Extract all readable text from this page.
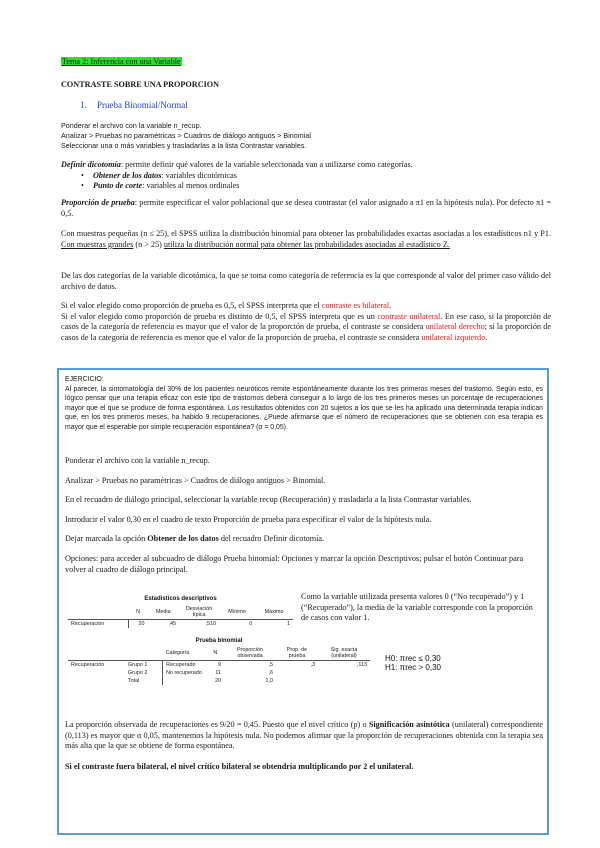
Tema 2: Inferencia con una Variable
CONTRASTE SOBRE UNA PROPORCION
1. Prueba Binomial/Normal
Ponderar el archivo con la variable n_recup.
Analizar > Pruebas no paramétricas > Cuadros de diálogo antiguos > Binomial
Seleccionar una o más variables y trasladarlas a la lista Contrastar variables.
Definir dicotomía: permite definir qué valores de la variable seleccionada van a utilizarse como categorías.
• Obtener de los datos: variables dicotómicas
• Punto de corte: variables al menos ordinales
Proporción de prueba: permite especificar el valor poblacional que se desea contrastar (el valor asignado a π1 en la hipótesis nula). Por defecto π1 = 0,5.
Con muestras pequeñas (n ≤ 25), el SPSS utiliza la distribución binomial para obtener las probabilidades exactas asociadas a los estadísticos n1 y P1. Con muestras grandes (n > 25) utiliza la distribución normal para obtener las probabilidades asociadas al estadístico Z.
De las dos categorías de la variable dicotómica, la que se toma como categoría de referencia es la que corresponde al valor del primer caso válido del archivo de datos.
Si el valor elegido como proporción de prueba es 0,5, el SPSS interpreta que el contraste es bilateral.
Si el valor elegido como proporción de prueba es distinto de 0,5, el SPSS interpreta que es un contraste unilateral. En ese caso, si la proporción de casos de la categoría de referencia es mayor que el valor de la proporción de prueba, el contraste se considera unilateral derecho; si la proporción de casos de la categoría de referencia es menor que el valor de la proporción de prueba, el contraste se considera unilateral izquierdo.
EJERCICIO:
Al parecer, la sintomatología del 30% de los pacientes neuróticos remite espontáneamente durante los tres primeros meses del trastorno. Según esto, es lógico pensar que una terapia eficaz con este tipo de trastornos deberá conseguir a lo largo de los tres primeros meses un porcentaje de recuperaciones mayor que el que se produce de forma espontánea. Los resultados obtenidos con 20 sujetos a los que se les ha aplicado una determinada terapia indican que, en los tres primeros meses, ha habido 9 recuperaciones. ¿Puede afirmarse que el número de recuperaciones que se obtienen con esa terapia es mayor que el esperable por simple recuperación espontánea? (α = 0,05).
Ponderar el archivo con la variable n_recup.
Analizar > Pruebas no paramétricas > Cuadros de diálogo antiguos > Binomial.
En el recuadro de diálogo principal, seleccionar la variable recup (Recuperación) y trasladarla a la lista Contrastar variables.
Introducir el valor 0,30 en el cuadro de texto Proporción de prueba para especificar el valor de la hipótesis nula.
Dejar marcada la opción Obtener de los datos del recuadro Definir dicotomía.
Opciones: para acceder al subcuadro de diálogo Prueba binomial: Opciones y marcar la opción Descriptivos; pulsar el botón Continuar para volver al cuadro de diálogo principal.
Estadísticos descriptivos
	N	Media	Desviación típica	Mínimo	Máximo
Recuperación	20	,45	,510	0	1
Como la variable utilizada presenta valores 0 (“No recuperado”) y 1 (“Recuperado”), la media de la variable corresponde con la proporción de casos con valor 1.
Prueba binomial
		Categoría	N	Proporción observada	Prop. de prueba	Sig. exacta (unilateral)
Recuperación	Grupo 1	Recuperado	9	,5	,3	,113
	Grupo 2	No recuperado	11	,6		
	Total		20	1,0		
H0: πrec ≤ 0,30
H1: πrec > 0,30
La proporción observada de recuperaciones es 9/20 = 0,45. Puesto que el nivel crítico (p) o Significación asintótica (unilateral) correspondiente (0,113) es mayor que α 0,05, mantenemos la hipótesis nula. No podemos afirmar que la proporción de recuperaciones obtenida con la terapia sea más alta que la que se obtiene de forma espontánea.
Si el contraste fuera bilateral, el nivel crítico bilateral se obtendría multiplicando por 2 el unilateral.
